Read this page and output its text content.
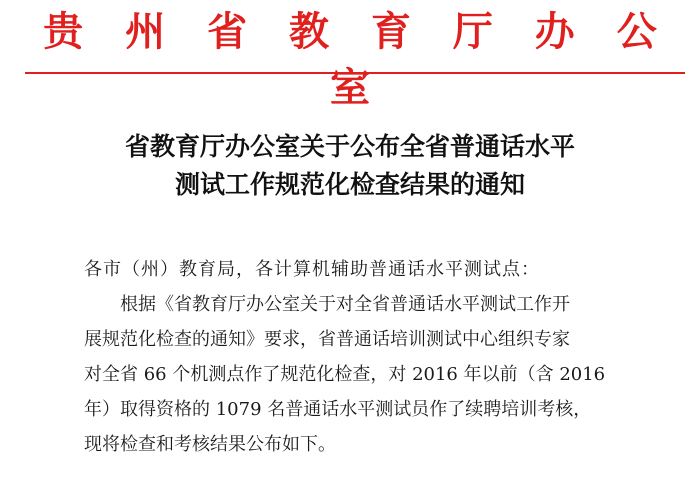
贵 州 省 教 育 厅 办 公 室
省教育厅办公室关于公布全省普通话水平
测试工作规范化检查结果的通知
各市（州）教育局，各计算机辅助普通话水平测试点：
根据《省教育厅办公室关于对全省普通话水平测试工作开
展规范化检查的通知》要求，省普通话培训测试中心组织专家
对全省 66 个机测点作了规范化检查，对 2016 年以前（含 2016
年）取得资格的 1079 名普通话水平测试员作了续聘培训考核，
现将检查和考核结果公布如下。
